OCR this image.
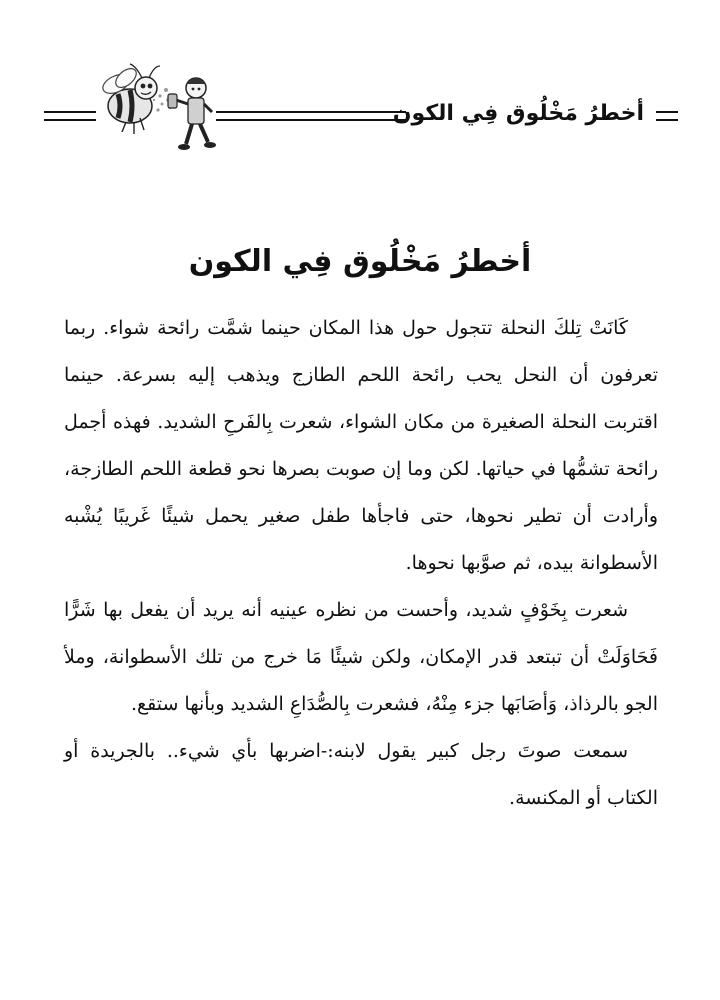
أخطرُ مَخْلُوق فِي الكون
أخطرُ مَخْلُوق فِي الكون

كَانَتْ تِلكَ النحلة تتجول حول هذا المكان حينما شمَّت رائحة شواء. ربما تعرفون أن النحل يحب رائحة اللحم الطازج ويذهب إليه بسرعة. حينما اقتربت النحلة الصغيرة من مكان الشواء، شعرت بِالفَرحِ الشديد. فهذه أجمل رائحة تشمُّها في حياتها. لكن وما إن صوبت بصرها نحو قطعة اللحم الطازجة، وأرادت أن تطير نحوها، حتى فاجأها طفل صغير يحمل شيئًا غَريبًا يُشْبه الأسطوانة بيده، ثم صوَّبها نحوها.

شعرت بِخَوْفٍ شديد، وأحست من نظره عينيه أنه يريد أن يفعل بها شَرًّا فَحَاوَلَتْ أن تبتعد قدر الإمكان، ولكن شيئًا مَا خرج من تلك الأسطوانة، وملأ الجو بالرذاذ، وَأصَابَها جزء مِنْهُ، فشعرت بِالصُّدَاعِ الشديد وبأنها ستقع.

سمعت صوتَ رجل كبير يقول لابنه:-اضربها بأي شيء.. بالجريدة أو الكتاب أو المكنسة.
